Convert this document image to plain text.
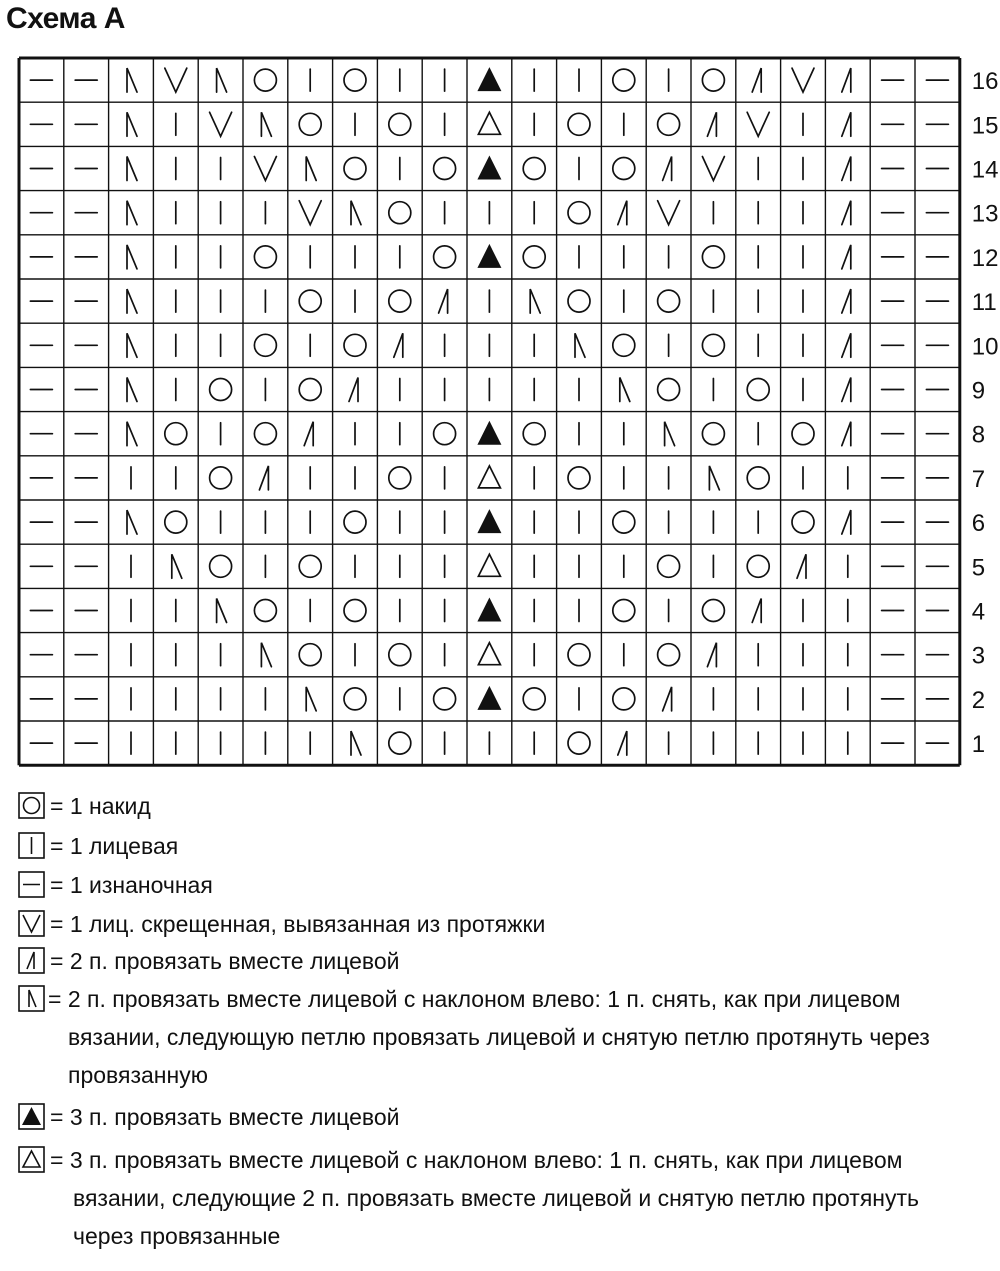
Схема А
16
15
14
13
12
11
10
9
8
7
6
5
4
3
2
1
= 1 накид
= 1 лицевая
= 1 изнаночная
= 1 лиц. скрещенная, вывязанная из протяжки
= 2 п. провязать вместе лицевой
= 2 п. провязать вместе лицевой с наклоном влево: 1 п. снять, как при лицевом
вязании, следующую петлю провязать лицевой и снятую петлю протянуть через
провязанную
= 3 п. провязать вместе лицевой
= 3 п. провязать вместе лицевой с наклоном влево: 1 п. снять, как при лицевом
вязании, следующие 2 п. провязать вместе лицевой и снятую петлю протянуть
через провязанные
